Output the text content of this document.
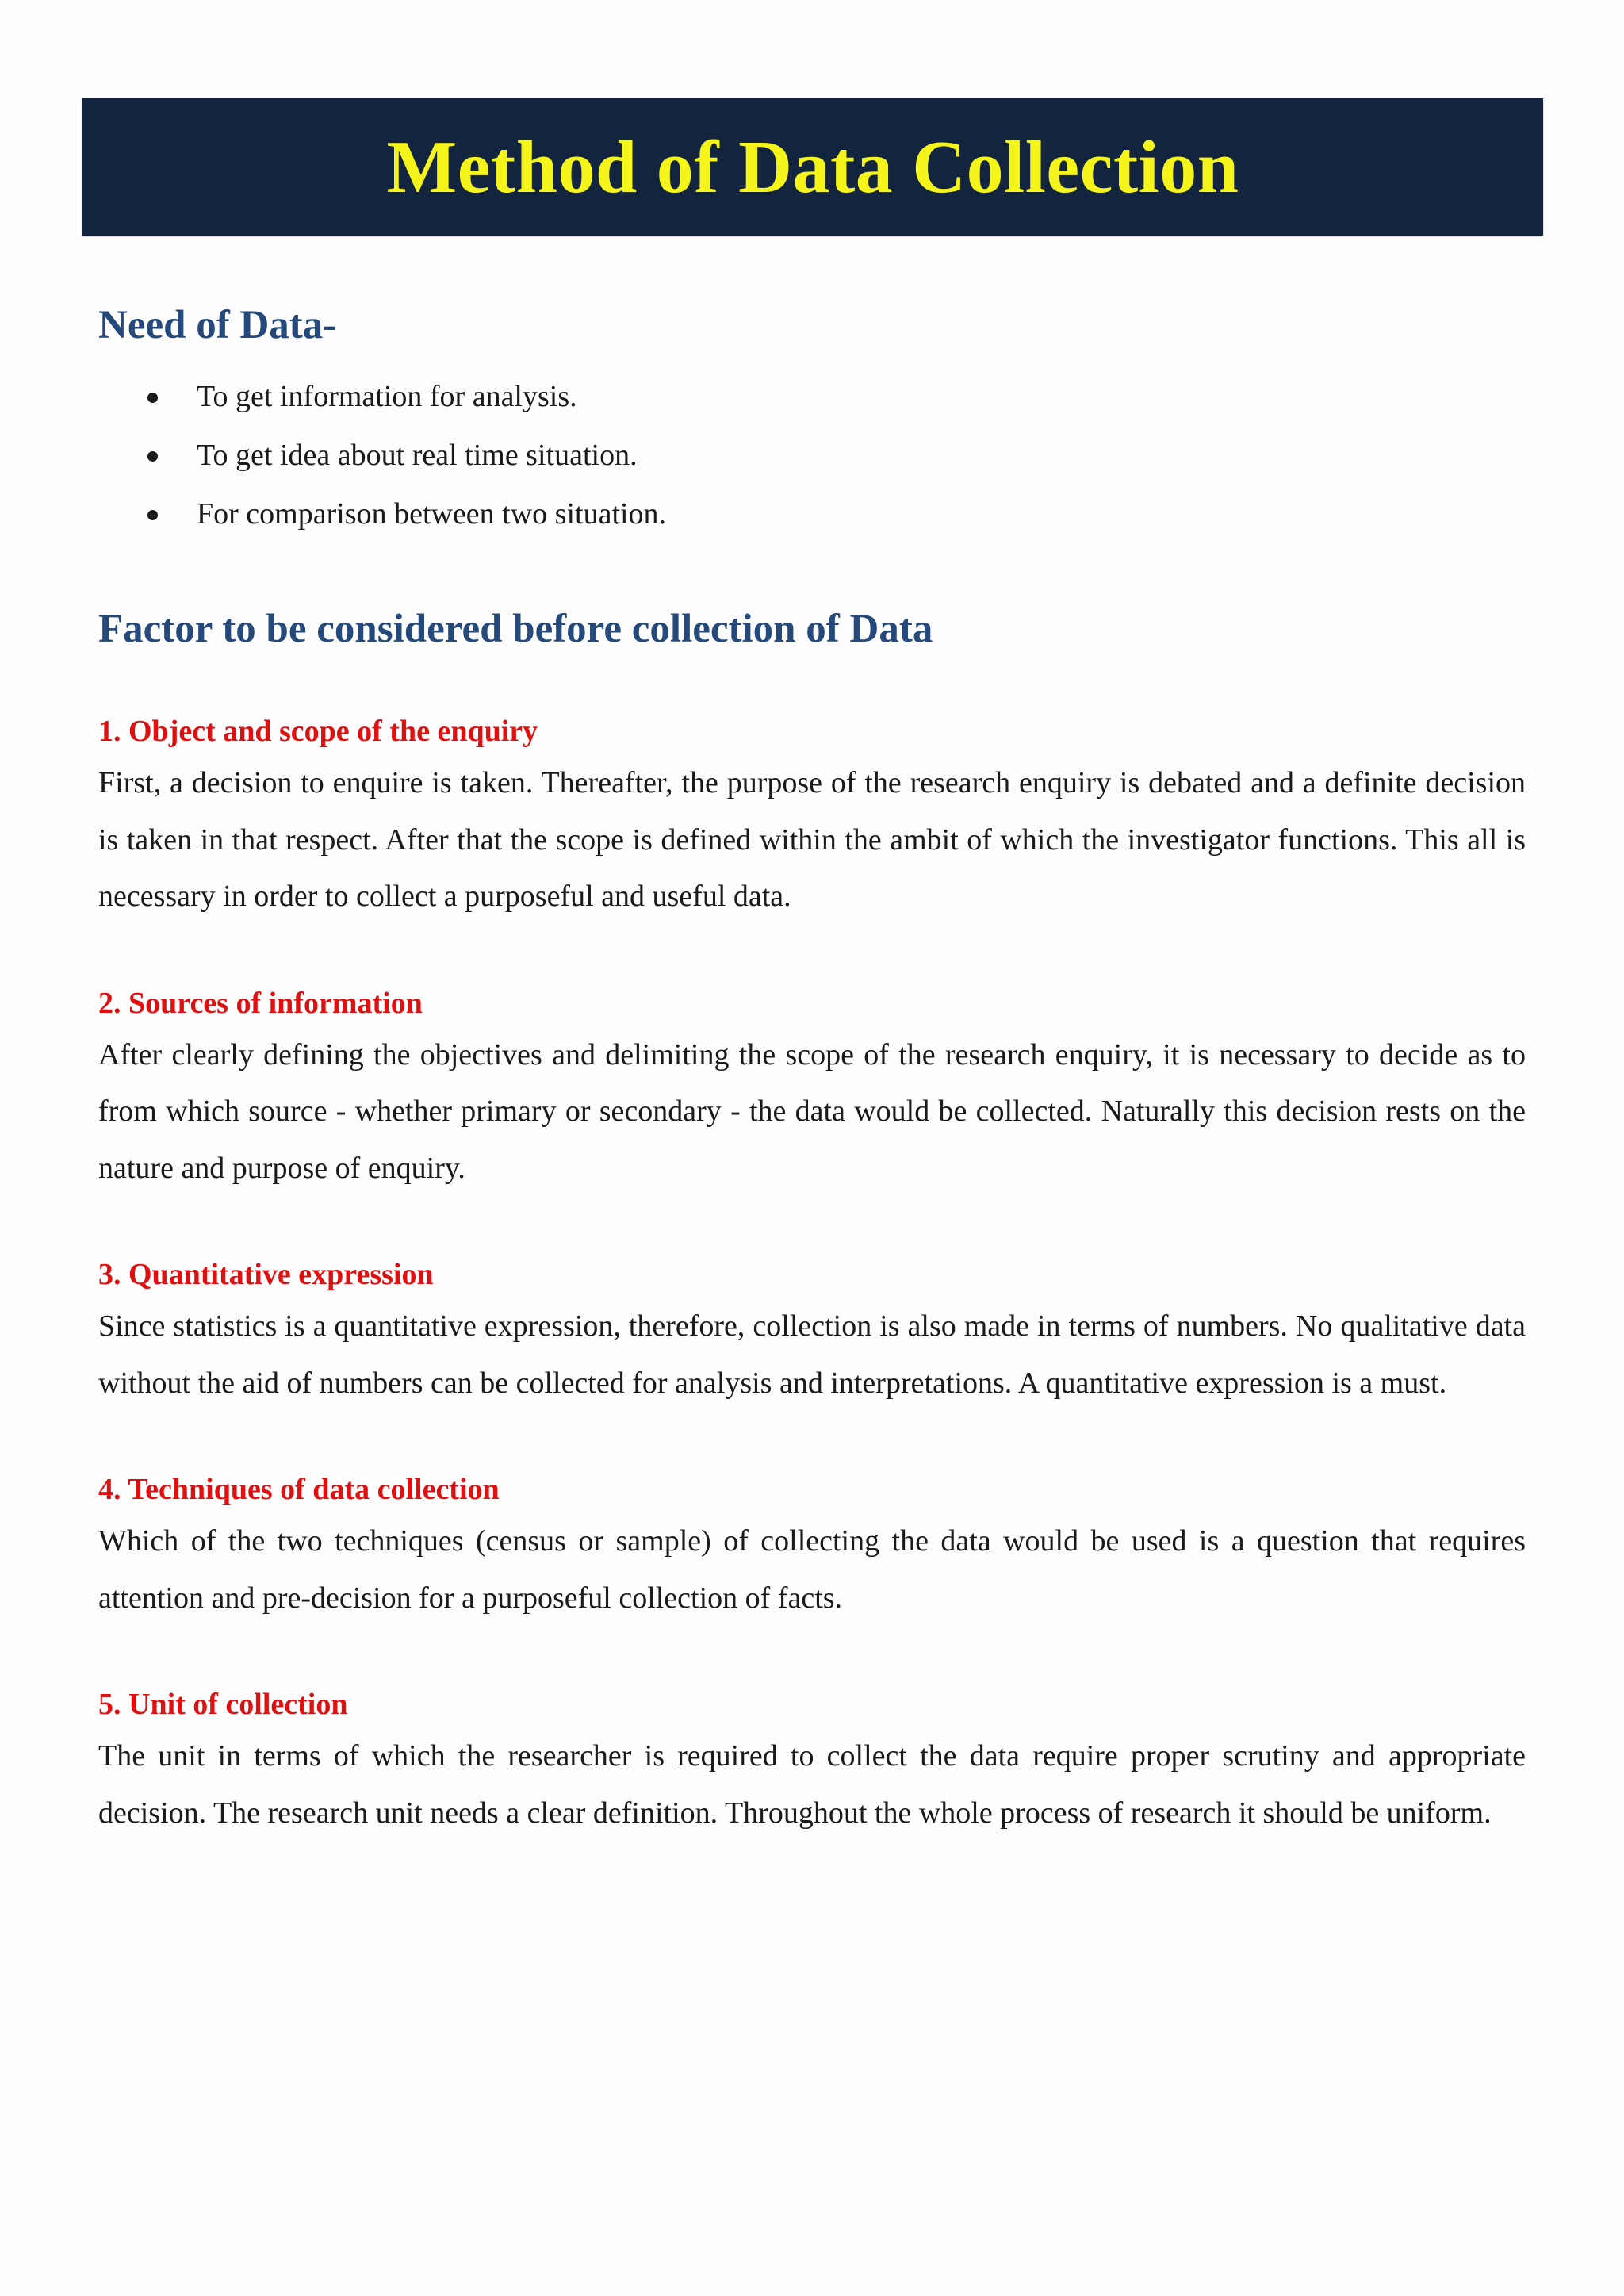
Method of Data Collection
Need of Data-
To get information for analysis.
To get idea about real time situation.
For comparison between two situation.
Factor to be considered before collection of Data
1. Object and scope of the enquiry

First, a decision to enquire is taken. Thereafter, the purpose of the research enquiry is debated and a definite decision is taken in that respect. After that the scope is defined within the ambit of which the investigator functions. This all is necessary in order to collect a purposeful and useful data.

2. Sources of information

After clearly defining the objectives and delimiting the scope of the research enquiry, it is necessary to decide as to from which source - whether primary or secondary - the data would be collected. Naturally this decision rests on the nature and purpose of enquiry.

3. Quantitative expression

Since statistics is a quantitative expression, therefore, collection is also made in terms of numbers. No qualitative data without the aid of numbers can be collected for analysis and interpretations. A quantitative expression is a must.

4. Techniques of data collection

Which of the two techniques (census or sample) of collecting the data would be used is a question that requires attention and pre-decision for a purposeful collection of facts.

5. Unit of collection

The unit in terms of which the researcher is required to collect the data require proper scrutiny and appropriate decision. The research unit needs a clear definition. Throughout the whole process of research it should be uniform.
